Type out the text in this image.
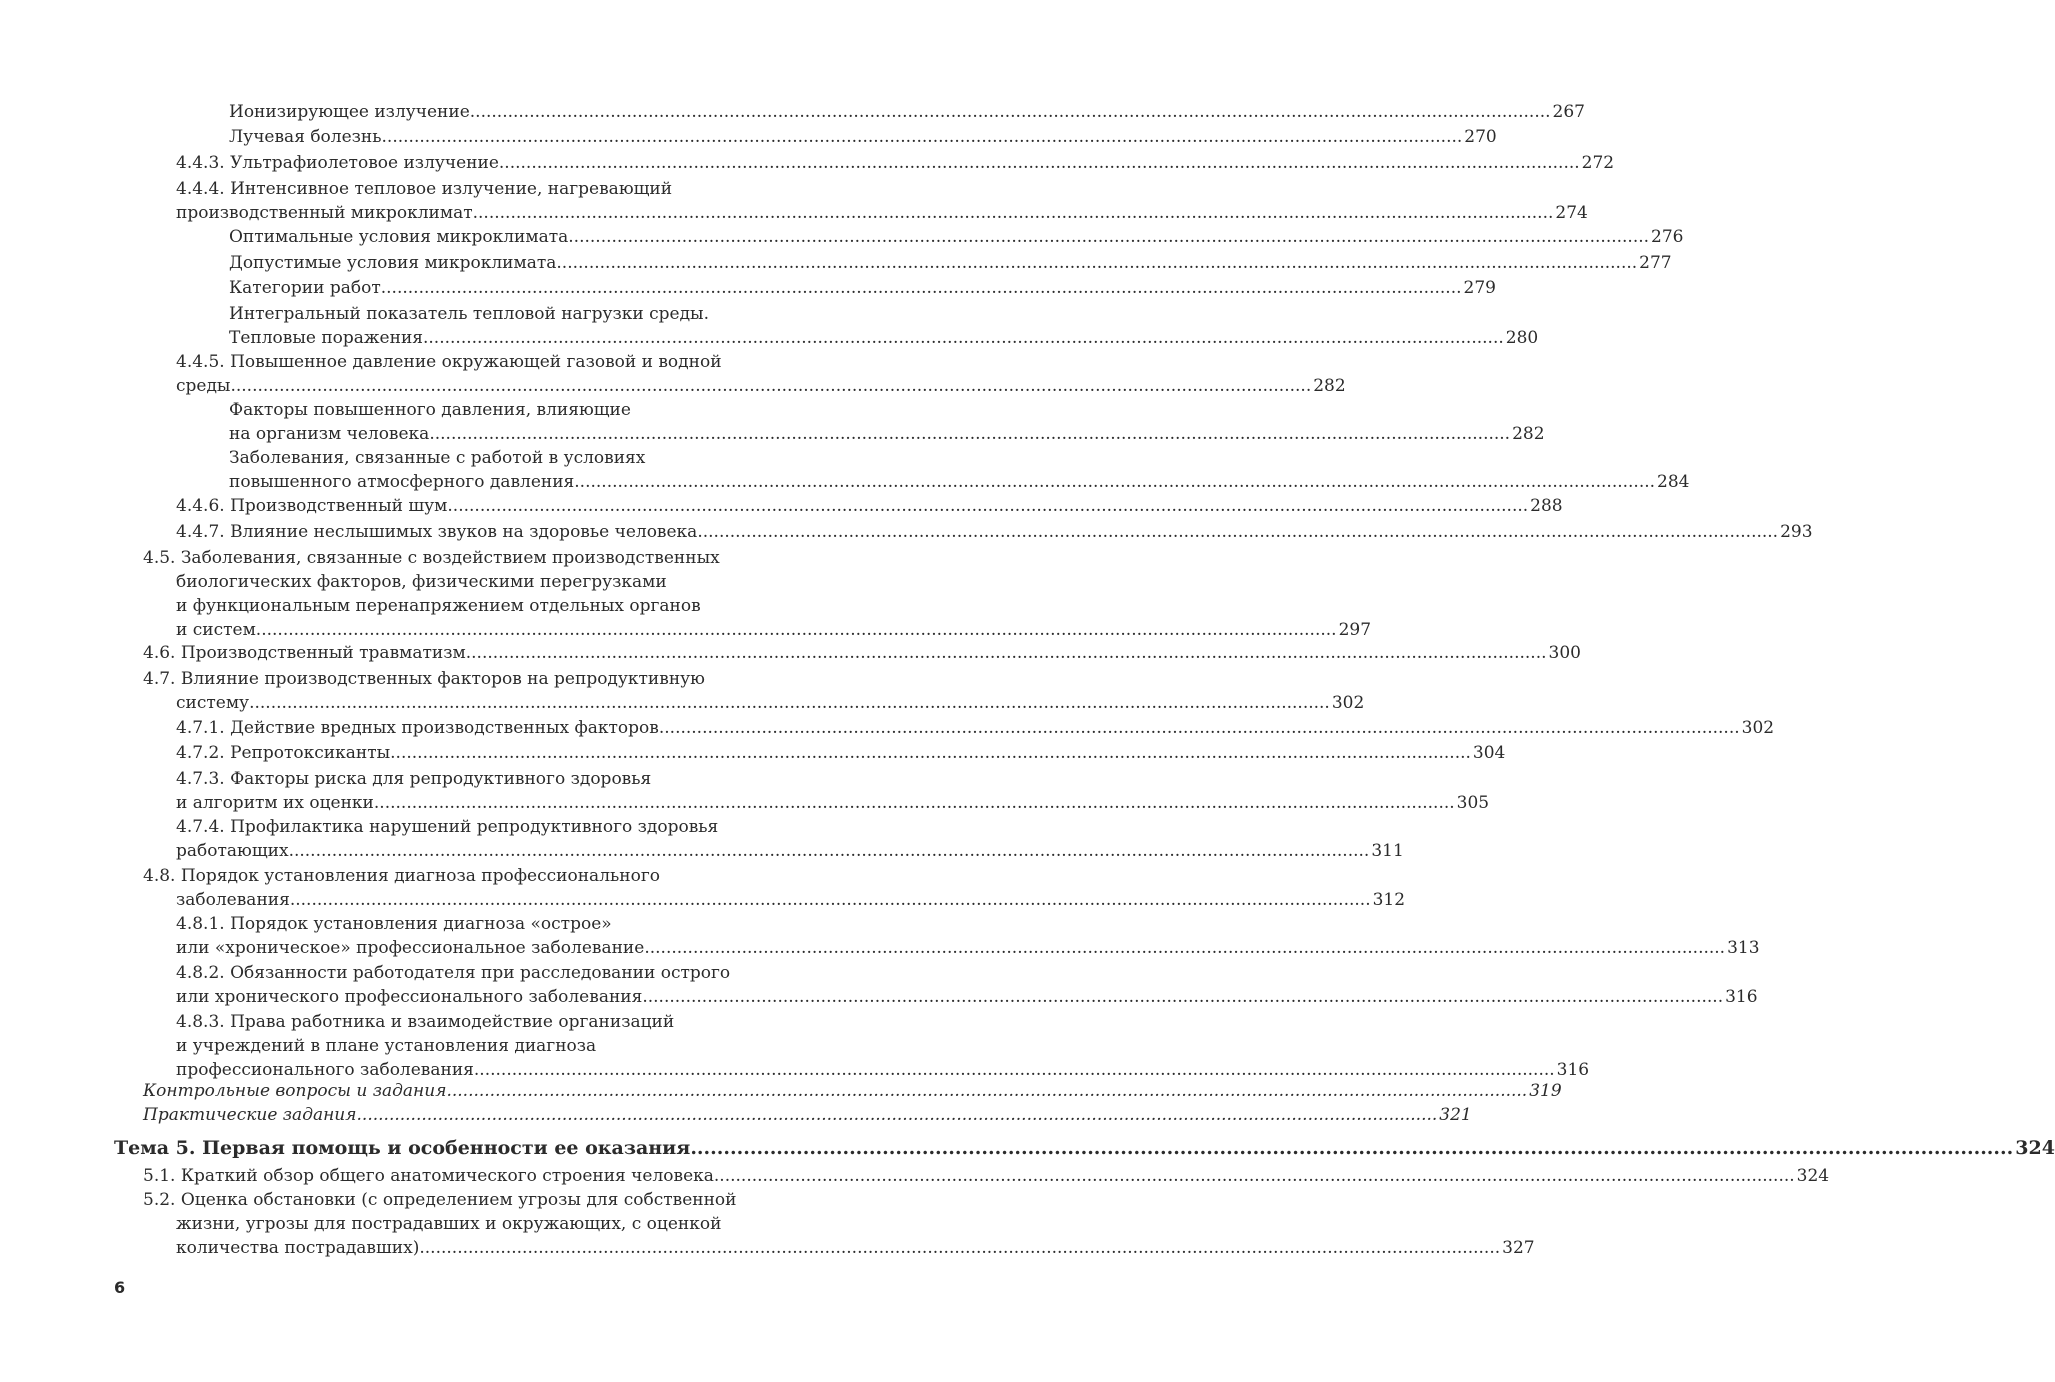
Ионизирующее излучение .....	267
Лучевая болезнь .....	270
4.4.3. Ультрафиолетовое излучение .....	272
4.4.4. Интенсивное тепловое излучение, нагревающий
производственный микроклимат .....	274
Оптимальные условия микроклимата .....	276
Допустимые условия микроклимата .....	277
Категории работ .....	279
Интегральный показатель тепловой нагрузки среды.
Тепловые поражения .....	280
4.4.5. Повышенное давление окружающей газовой и водной
среды .....	282
Факторы повышенного давления, влияющие
на организм человека .....	282
Заболевания, связанные с работой в условиях
повышенного атмосферного давления .....	284
4.4.6. Производственный шум .....	288
4.4.7. Влияние неслышимых звуков на здоровье человека .....	293
4.5. Заболевания, связанные с воздействием производственных
биологических факторов, физическими перегрузками
и функциональным перенапряжением отдельных органов
и систем .....	297
4.6. Производственный травматизм .....	300
4.7. Влияние производственных факторов на репродуктивную
систему .....	302
4.7.1. Действие вредных производственных факторов .....	302
4.7.2. Репротоксиканты .....	304
4.7.3. Факторы риска для репродуктивного здоровья
и алгоритм их оценки .....	305
4.7.4. Профилактика нарушений репродуктивного здоровья
работающих .....	311
4.8. Порядок установления диагноза профессионального
заболевания .....	312
4.8.1. Порядок установления диагноза «острое»
или «хроническое» профессиональное заболевание .....	313
4.8.2. Обязанности работодателя при расследовании острого
или хронического профессионального заболевания .....	316
4.8.3. Права работника и взаимодействие организаций
и учреждений в плане установления диагноза
профессионального заболевания .....	316
Контрольные вопросы и задания .....	319
Практические задания .....	321
Тема 5. Первая помощь и особенности ее оказания .....	324
5.1. Краткий обзор общего анатомического строения человека .....	324
5.2. Оценка обстановки (с определением угрозы для собственной
жизни, угрозы для пострадавших и окружающих, с оценкой
количества пострадавших) .....	327
6
